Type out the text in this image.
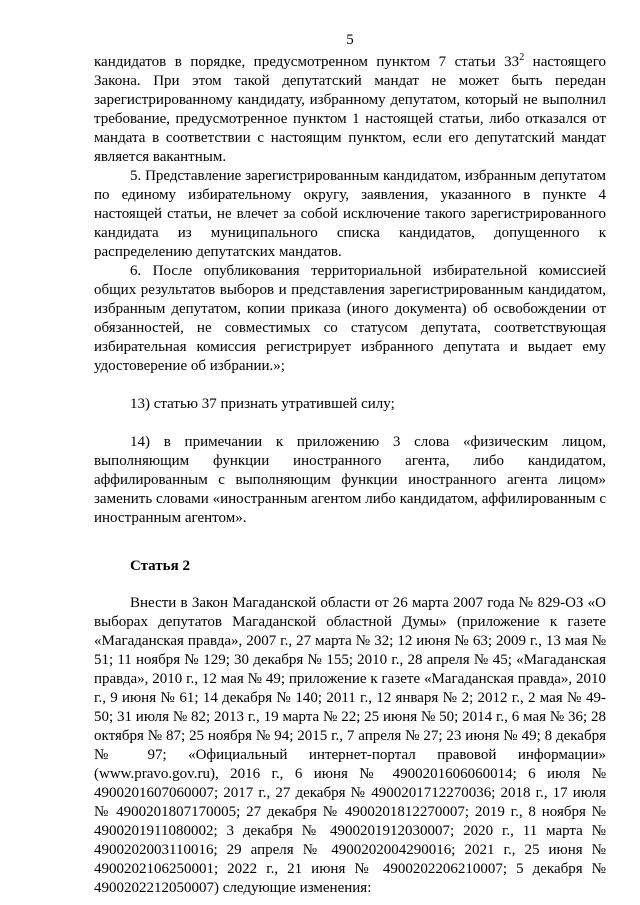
5

кандидатов в порядке, предусмотренном пунктом 7 статьи $33^2$ настоящего Закона. При этом такой депутатский мандат не может быть передан зарегистрированному кандидату, избранному депутатом, который не выполнил требование, предусмотренное пунктом 1 настоящей статьи, либо отказался от мандата в соответствии с настоящим пунктом, если его депутатский мандат является вакантным.

5. Представление зарегистрированным кандидатом, избранным депутатом по единому избирательному округу, заявления, указанного в пункте 4 настоящей статьи, не влечет за собой исключение такого зарегистрированного кандидата из муниципального списка кандидатов, допущенного к распределению депутатских мандатов.

6. После опубликования территориальной избирательной комиссией общих результатов выборов и представления зарегистрированным кандидатом, избранным депутатом, копии приказа (иного документа) об освобождении от обязанностей, не совместимых со статусом депутата, соответствующая избирательная комиссия регистрирует избранного депутата и выдает ему удостоверение об избрании.»;

13) статью 37 признать утратившей силу;

14) в примечании к приложению 3 слова «физическим лицом, выполняющим функции иностранного агента, либо кандидатом, аффилированным с выполняющим функции иностранного агента лицом» заменить словами «иностранным агентом либо кандидатом, аффилированным с иностранным агентом».

Статья 2

Внести в Закон Магаданской области от 26 марта 2007 года № 829-ОЗ «О выборах депутатов Магаданской областной Думы» (приложение к газете «Магаданская правда», 2007 г., 27 марта № 32; 12 июня № 63; 2009 г., 13 мая № 51; 11 ноября № 129; 30 декабря № 155; 2010 г., 28 апреля № 45; «Магаданская правда», 2010 г., 12 мая № 49; приложение к газете «Магаданская правда», 2010 г., 9 июня № 61; 14 декабря № 140; 2011 г., 12 января № 2; 2012 г., 2 мая № 49-50; 31 июля № 82; 2013 г., 19 марта № 22; 25 июня № 50; 2014 г., 6 мая № 36; 28 октября № 87; 25 ноября № 94; 2015 г., 7 апреля № 27; 23 июня № 49; 8 декабря № 97; «Официальный интернет-портал правовой информации» (www.pravo.gov.ru), 2016 г., 6 июня № 4900201606060014; 6 июля № 4900201607060007; 2017 г., 27 декабря № 4900201712270036; 2018 г., 17 июля № 4900201807170005; 27 декабря № 4900201812270007; 2019 г., 8 ноября № 4900201911080002; 3 декабря № 4900201912030007; 2020 г., 11 марта № 4900202003110016; 29 апреля № 4900202004290016; 2021 г., 25 июня № 4900202106250001; 2022 г., 21 июня № 4900202206210007; 5 декабря № 4900202212050007) следующие изменения:
